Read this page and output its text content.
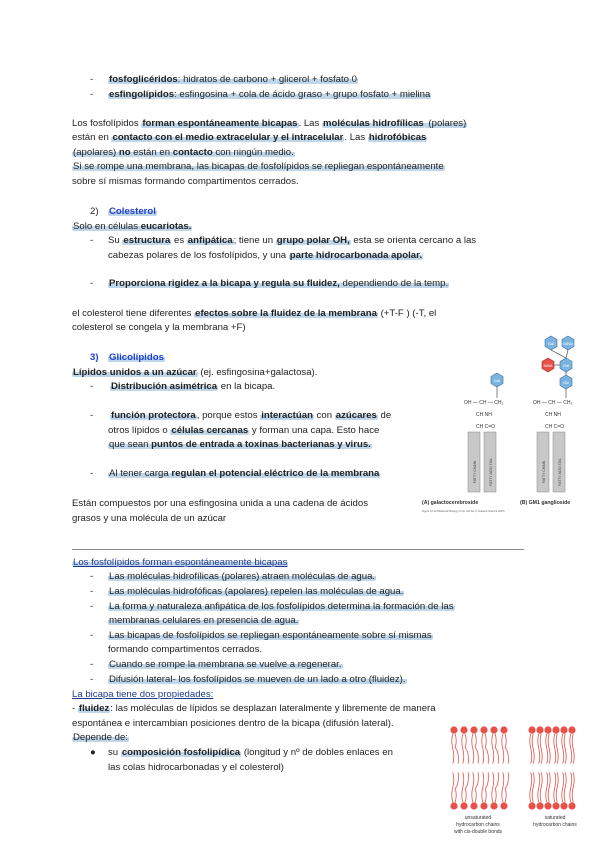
- fosfoglicéridos: hidratos de carbono + glicerol + fosfato 0
- esfingolípidos: esfingosina + cola de ácido graso + grupo fosfato + mielina
Los fosfolípidos forman espontáneamente bicapas. Las moléculas hidrofílicas (polares)
están en contacto con el medio extracelular y el intracelular. Las hidrofóbicas
(apolares) no están en contacto con ningún medio.
Si se rompe una membrana, las bicapas de fosfolípidos se repliegan espontáneamente
sobre sí mismas formando compartimentos cerrados.
2) Colesterol
Solo en células eucariotas.
- Su estructura es anfipática; tiene un grupo polar OH, esta se orienta cercano a las
cabezas polares de los fosfolípidos, y una parte hidrocarbonada apolar.
- Proporciona rigidez a la bicapa y regula su fluidez, dependiendo de la temp.
el colesterol tiene diferentes efectos sobre la fluidez de la membrana (+T-F ) (-T, el
colesterol se congela y la membrana +F)
3) Glicolípidos
Lípidos unidos a un azúcar (ej. esfingosina+galactosa).
- Distribución asimétrica en la bicapa.
- función protectora, porque estos interactúan con azúcares de
otros lípidos o células cercanas y forman una capa. Esto hace
que sean puntos de entrada a toxinas bacterianas y virus.
- Al tener carga regulan el potencial eléctrico de la membrana
Están compuestos por una esfingosina unida a una cadena de ácidos
grasos y una molécula de un azúcar
Gal
OH — CH — CH₂
CH NH
CH C=O
FATTY CHAIN	FATTY ACID TAIL
Gal	GalNAc
NANA	Gal
Glc
OH — CH — CH₂
CH NH
CH C=O
FATTY CHAIN	FATTY ACID TAIL
(A) galactocerebroside	(B) GM1 ganglioside
Figure 10-16 Molecular Biology of the Cell 6e (© Garland Science 2015)
Los fosfolípidos forman espontáneamente bicapas
- Las moléculas hidrofílicas (polares) atraen moléculas de agua.
- Las moléculas hidrofóficas (apolares) repelen las moléculas de agua.
- La forma y naturaleza anfipática de los fosfolípidos determina la formación de las
membranas celulares en presencia de agua.
- Las bicapas de fosfolípidos se repliegan espontáneamente sobre sí mismas
formando compartimentos cerrados.
- Cuando se rompe la membrana se vuelve a regenerar.
- Difusión lateral- los fosfolípidos se mueven de un lado a otro (fluidez).
La bicapa tiene dos propiedades:
- fluidez: las moléculas de lípidos se desplazan lateralmente y libremente de manera
espontánea e intercambian posiciones dentro de la bicapa (difusión lateral).
Depende de:
● su composición fosfolipídica (longitud y nº de dobles enlaces en
las colas hidrocarbonadas y el colesterol)
unsaturated
hydrocarbon chains
with cis-double bonds
saturated
hydrocarbon chains
